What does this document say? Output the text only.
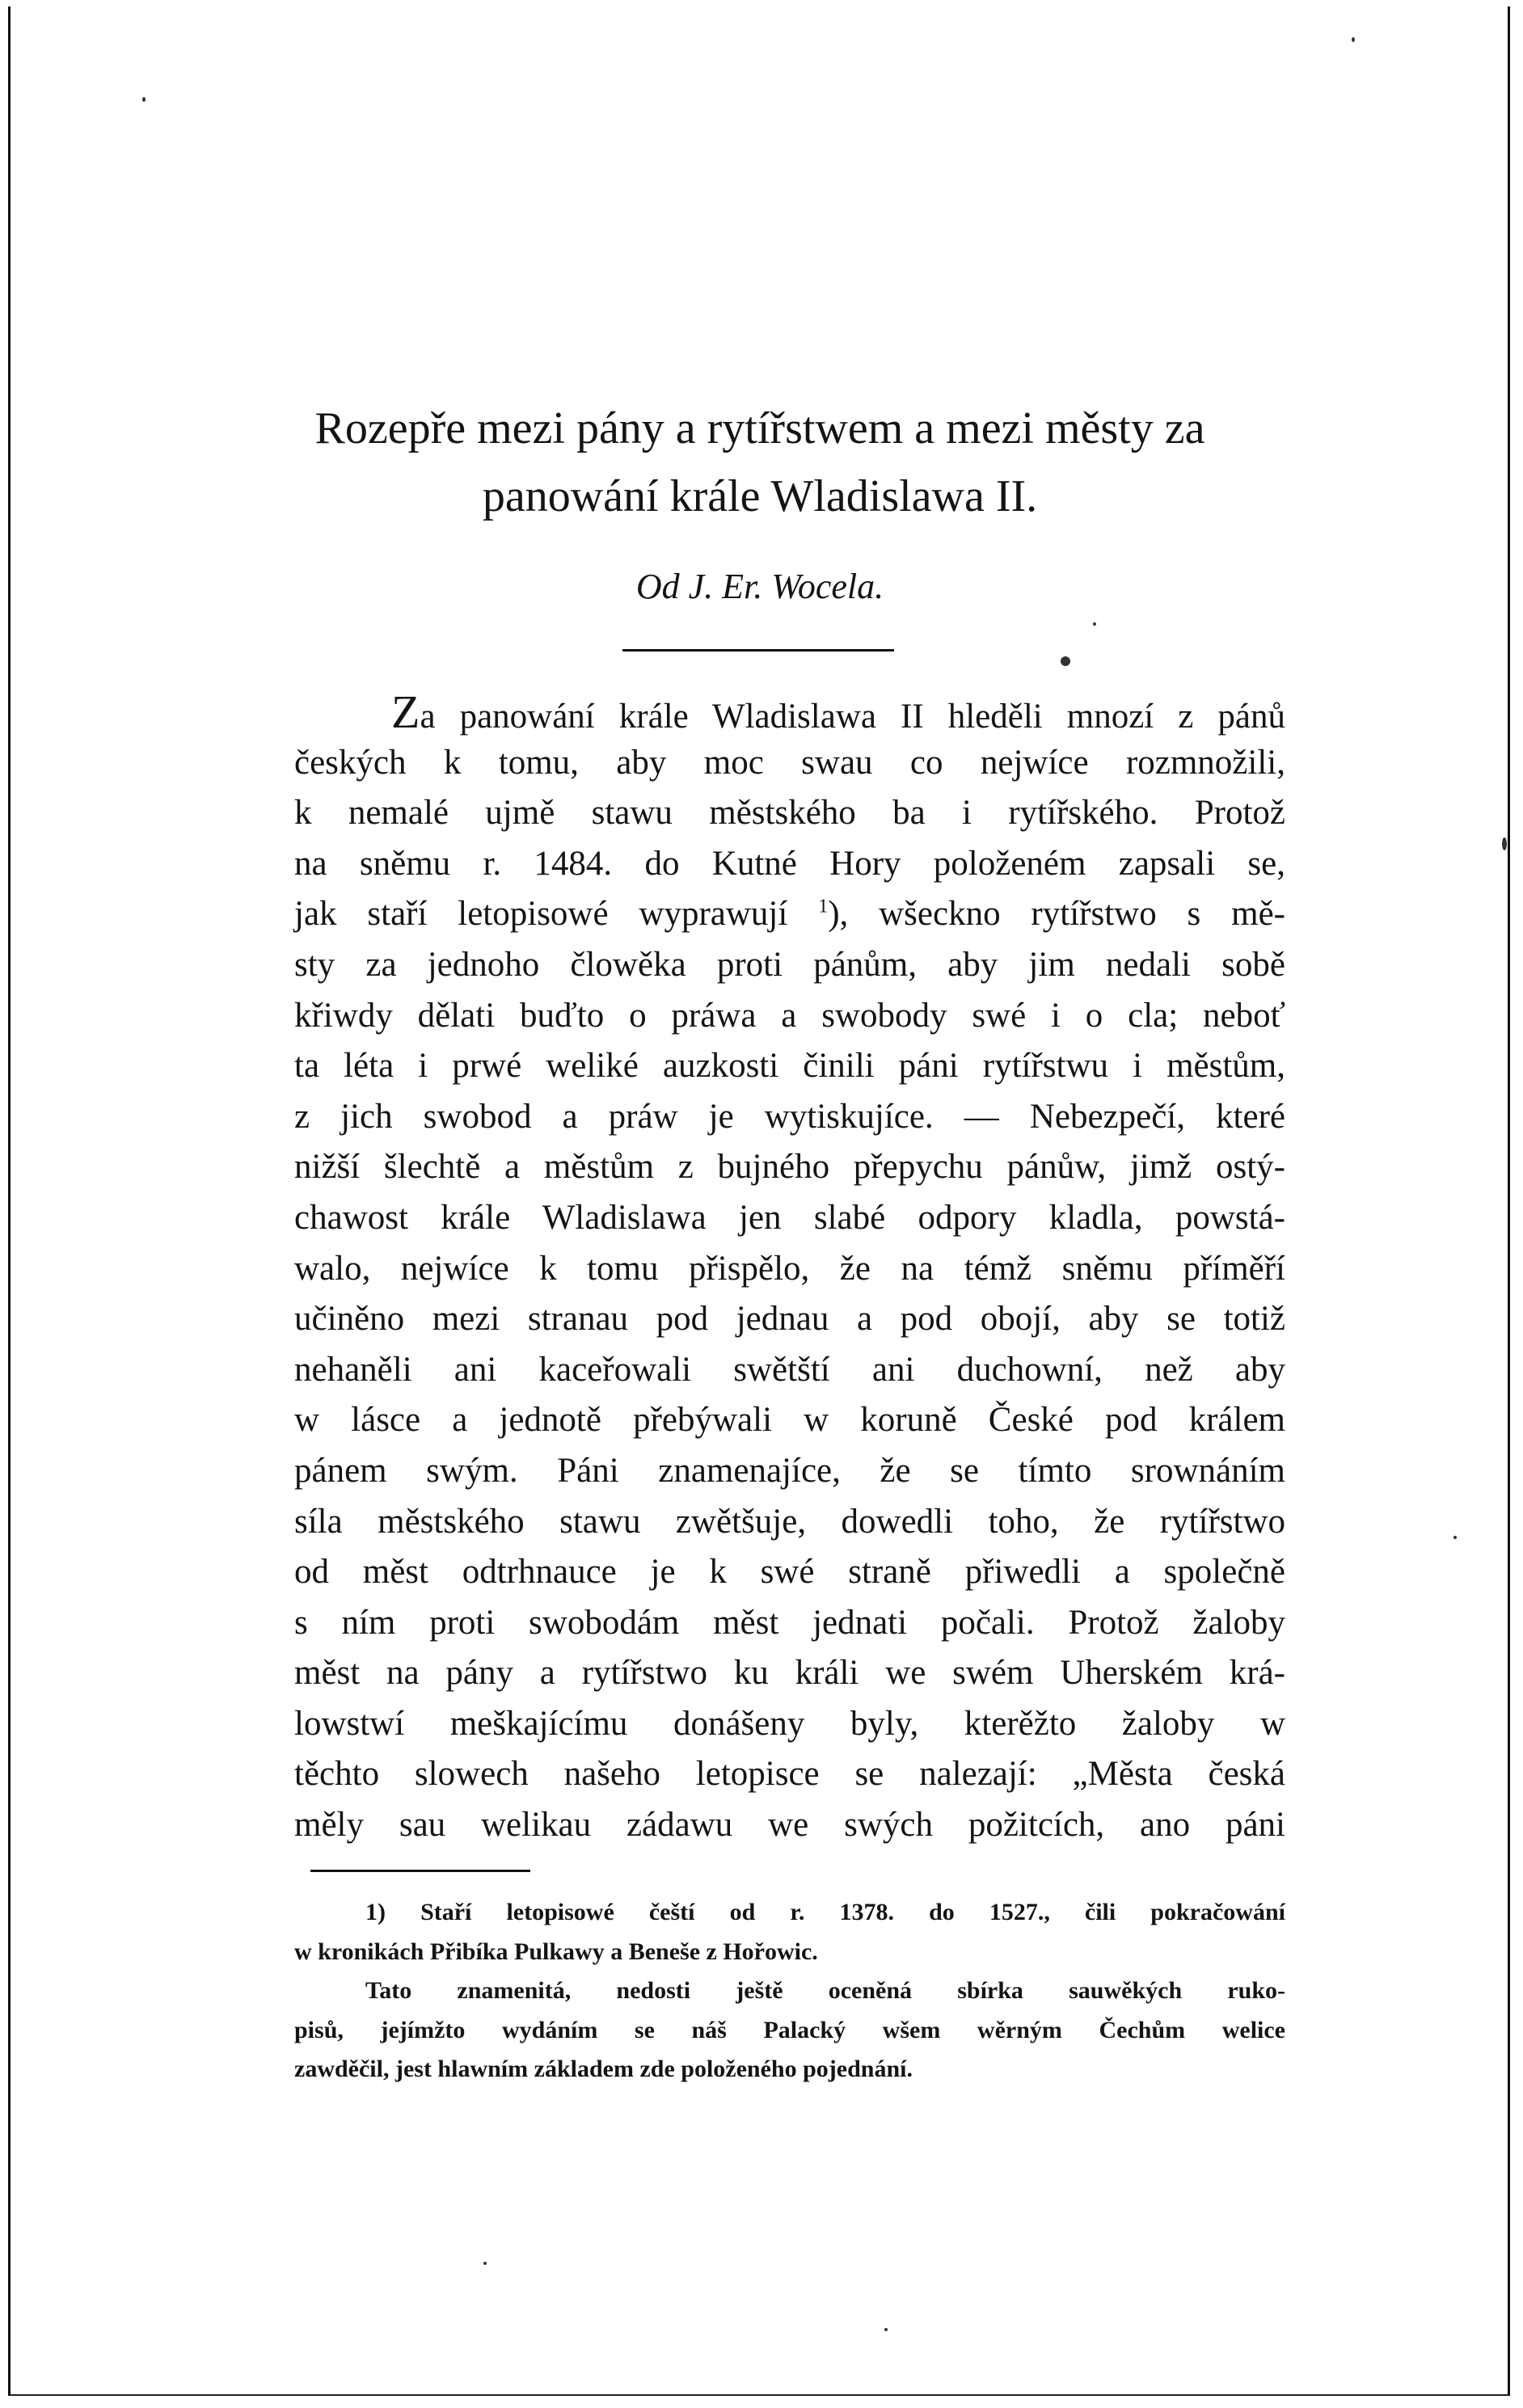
Rozepře mezi pány a rytířstwem a mezi městy za
panowání krále Wladislawa II.
Od J. Er. Wocela.
Za panowání krále Wladislawa II hleděli mnozí z pánů
českých k tomu, aby moc swau co nejwíce rozmnožili,
k nemalé ujmě stawu městského ba i rytířského. Protož
na sněmu r. 1484. do Kutné Hory položeném zapsali se,
jak staří letopisowé wyprawují $^1$), wšeckno rytířstwo s mě-
sty za jednoho člowěka proti pánům, aby jim nedali sobě
křiwdy dělati buďto o práwa a swobody swé i o cla; neboť
ta léta i prwé weliké auzkosti činili páni rytířstwu i městům,
z jich swobod a práw je wytiskujíce. — Nebezpečí, které
nižší šlechtě a městům z bujného přepychu pánůw, jimž ostý-
chawost krále Wladislawa jen slabé odpory kladla, powstá-
walo, nejwíce k tomu přispělo, že na témž sněmu příměří
učiněno mezi stranau pod jednau a pod obojí, aby se totiž
nehaněli ani kaceřowali swětští ani duchowní, než aby
w lásce a jednotě přebýwali w koruně České pod králem
pánem swým. Páni znamenajíce, že se tímto srownáním
síla městského stawu zwětšuje, dowedli toho, že rytířstwo
od měst odtrhnauce je k swé straně přiwedli a společně
s ním proti swobodám měst jednati počali. Protož žaloby
měst na pány a rytířstwo ku králi we swém Uherském krá-
lowstwí meškajícímu donášeny byly, kterěžto žaloby w
těchto slowech našeho letopisce se nalezají: „Města česká
měly sau welikau zádawu we swých požitcích, ano páni
1) Staří letopisowé čeští od r. 1378. do 1527., čili pokračowání
w kronikách Přibíka Pulkawy a Beneše z Hořowic.
Tato znamenitá, nedosti ještě oceněná sbírka sauwěkých ruko-
pisů, jejímžto wydáním se náš Palacký wšem wěrným Čechům welice
zawděčil, jest hlawním základem zde položeného pojednání.
